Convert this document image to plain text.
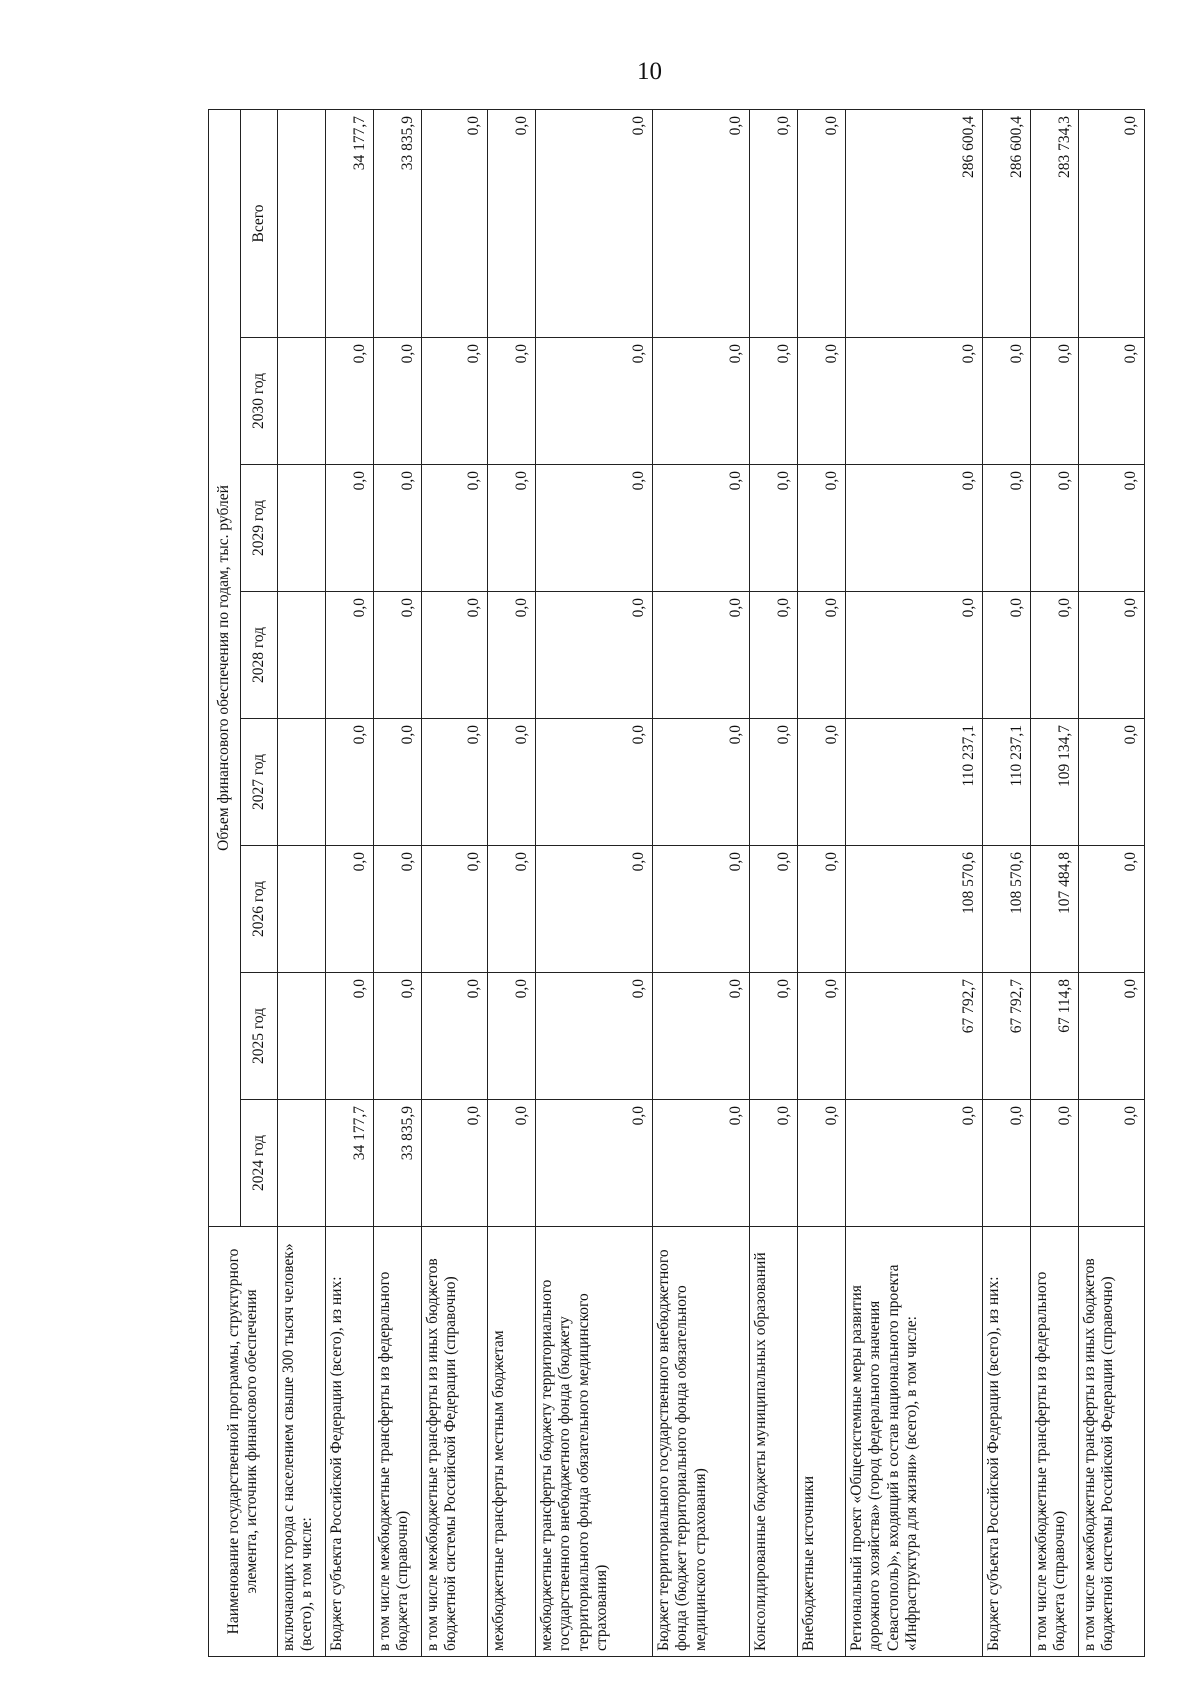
10
Наименование государственной программы, структурного элемента, источник финансового обеспечения	Объем финансового обеспечения по годам, тыс. рублей							
	2024 год	2025 год	2026 год	2027 год	2028 год	2029 год	2030 год	Всего
включающих города с населением свыше 300 тысяч человек» (всего), в том числе:								
Бюджет субъекта Российской Федерации (всего), из них:	34 177,7	0,0	0,0	0,0	0,0	0,0	0,0	34 177,7
в том числе межбюджетные трансферты из федерального бюджета (справочно)	33 835,9	0,0	0,0	0,0	0,0	0,0	0,0	33 835,9
в том числе межбюджетные трансферты из иных бюджетов бюджетной системы Российской Федерации (справочно)	0,0	0,0	0,0	0,0	0,0	0,0	0,0	0,0
межбюджетные трансферты местным бюджетам	0,0	0,0	0,0	0,0	0,0	0,0	0,0	0,0
межбюджетные трансферты бюджету территориального государственного внебюджетного фонда (бюджету территориального фонда обязательного медицинского страхования)	0,0	0,0	0,0	0,0	0,0	0,0	0,0	0,0
Бюджет территориального государственного внебюджетного фонда (бюджет территориального фонда обязательного медицинского страхования)	0,0	0,0	0,0	0,0	0,0	0,0	0,0	0,0
Консолидированные бюджеты муниципальных образований	0,0	0,0	0,0	0,0	0,0	0,0	0,0	0,0
Внебюджетные источники	0,0	0,0	0,0	0,0	0,0	0,0	0,0	0,0
Региональный проект «Общесистемные меры развития дорожного хозяйства» (город федерального значения Севастополь)», входящий в состав национального проекта «Инфраструктура для жизни» (всего), в том числе:	0,0	67 792,7	108 570,6	110 237,1	0,0	0,0	0,0	286 600,4
Бюджет субъекта Российской Федерации (всего), из них:	0,0	67 792,7	108 570,6	110 237,1	0,0	0,0	0,0	286 600,4
в том числе межбюджетные трансферты из федерального бюджета (справочно)	0,0	67 114,8	107 484,8	109 134,7	0,0	0,0	0,0	283 734,3
в том числе межбюджетные трансферты из иных бюджетов бюджетной системы Российской Федерации (справочно)	0,0	0,0	0,0	0,0	0,0	0,0	0,0	0,0
